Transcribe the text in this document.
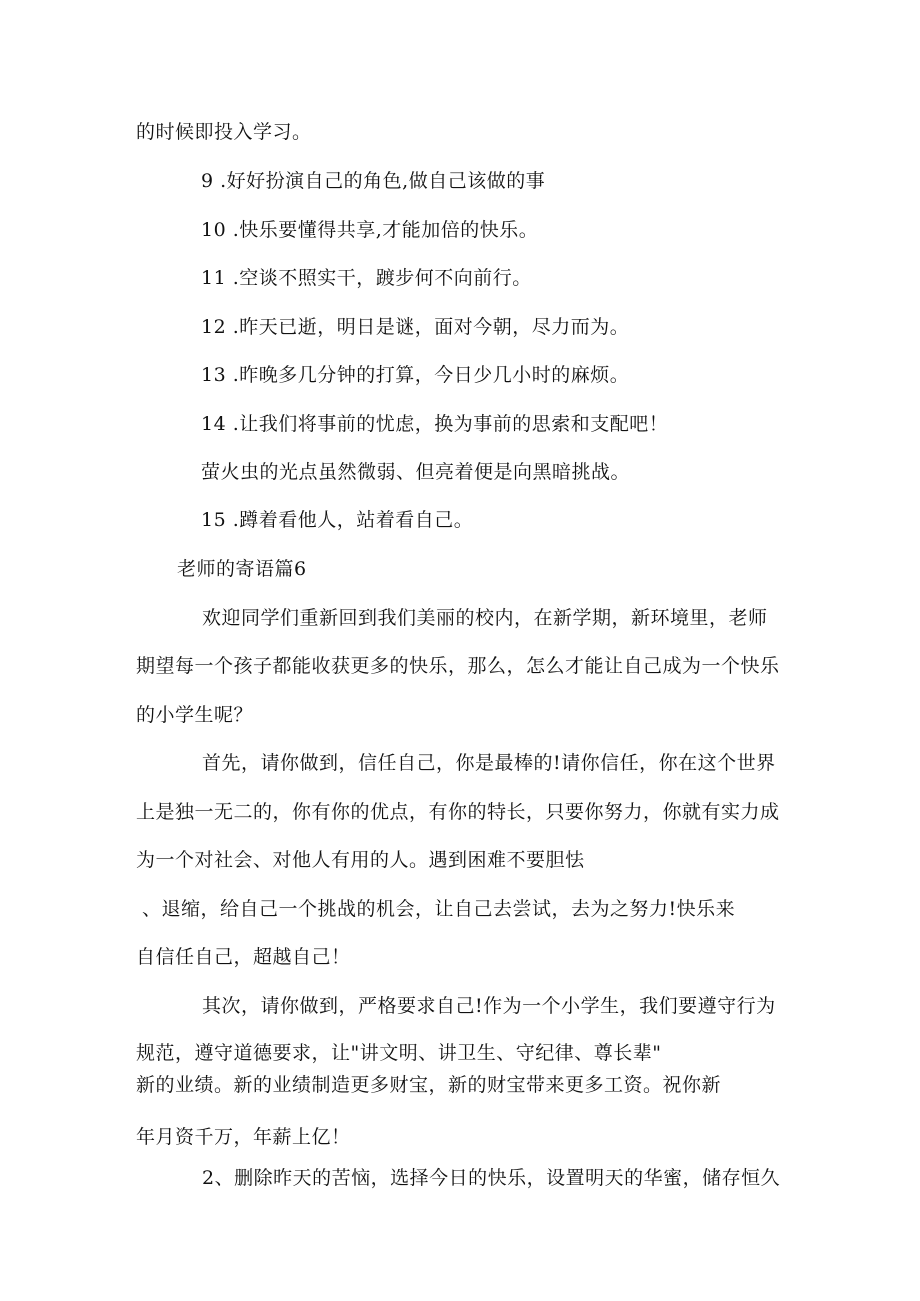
的时候即投入学习。
9 .好好扮演自己的角色,做自己该做的事
10 .快乐要懂得共享,才能加倍的快乐。
11 .空谈不照实干，踱步何不向前行。
12 .昨天已逝，明日是谜，面对今朝，尽力而为。
13 .昨晚多几分钟的打算，今日少几小时的麻烦。
14 .让我们将事前的忧虑，换为事前的思索和支配吧！
萤火虫的光点虽然微弱、但亮着便是向黑暗挑战。
15 .蹲着看他人，站着看自己。
老师的寄语篇6
欢迎同学们重新回到我们美丽的校内，在新学期，新环境里，老师
期望每一个孩子都能收获更多的快乐，那么，怎么才能让自己成为一个快乐
的小学生呢？
首先，请你做到，信任自己，你是最棒的!请你信任，你在这个世界
上是独一无二的，你有你的优点，有你的特长，只要你努力，你就有实力成
为一个对社会、对他人有用的人。遇到困难不要胆怯
、退缩，给自己一个挑战的机会，让自己去尝试，去为之努力!快乐来
自信任自己，超越自己！
其次，请你做到，严格要求自己!作为一个小学生，我们要遵守行为
规范，遵守道德要求，让"讲文明、讲卫生、守纪律、尊长辈"
新的业绩。新的业绩制造更多财宝，新的财宝带来更多工资。祝你新
年月资千万，年薪上亿！
2、删除昨天的苦恼，选择今日的快乐，设置明天的华蜜，储存恒久
